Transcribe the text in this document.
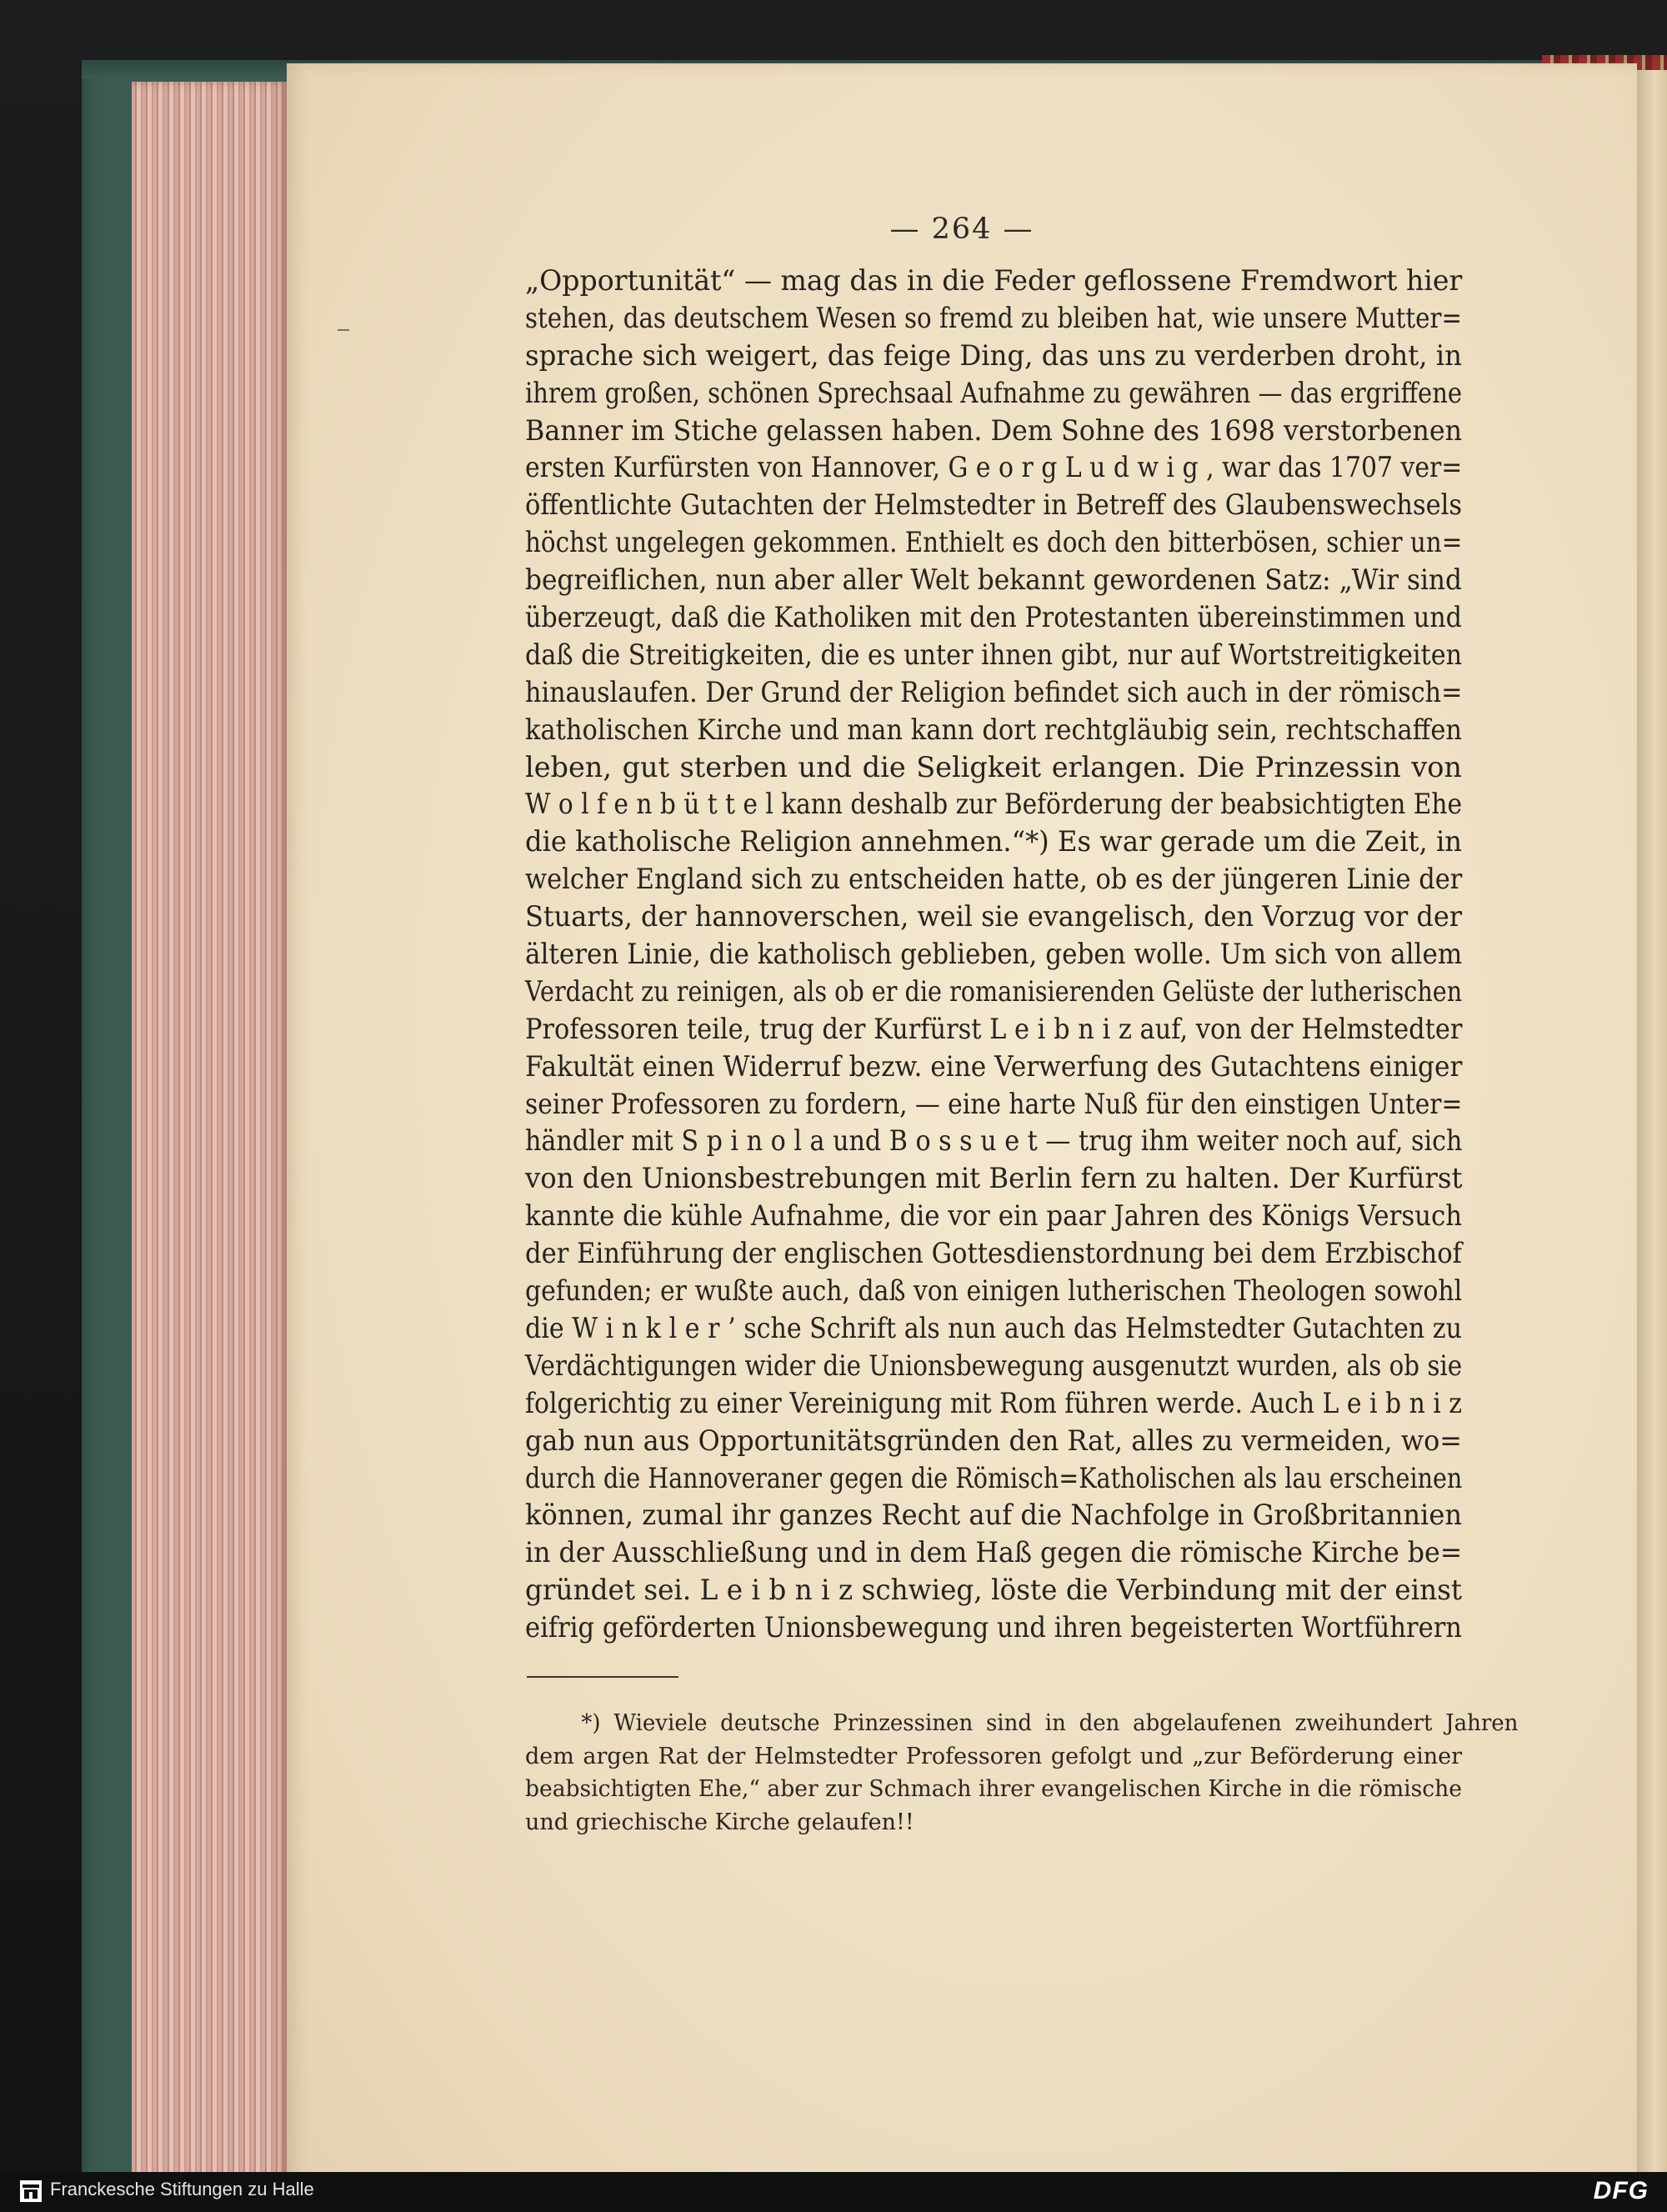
— 264 —
„Opportunität“ — mag das in die Feder geflossene Fremdwort hier
stehen, das deutschem Wesen so fremd zu bleiben hat, wie unsere Mutter=
sprache sich weigert, das feige Ding, das uns zu verderben droht, in
ihrem großen, schönen Sprechsaal Aufnahme zu gewähren — das ergriffene
Banner im Stiche gelassen haben. Dem Sohne des 1698 verstorbenen
ersten Kurfürsten von Hannover, G e o r g L u d w i g , war das 1707 ver=
öffentlichte Gutachten der Helmstedter in Betreff des Glaubenswechsels
höchst ungelegen gekommen. Enthielt es doch den bitterbösen, schier un=
begreiflichen, nun aber aller Welt bekannt gewordenen Satz: „Wir sind
überzeugt, daß die Katholiken mit den Protestanten übereinstimmen und
daß die Streitigkeiten, die es unter ihnen gibt, nur auf Wortstreitigkeiten
hinauslaufen. Der Grund der Religion befindet sich auch in der römisch=
katholischen Kirche und man kann dort rechtgläubig sein, rechtschaffen
leben, gut sterben und die Seligkeit erlangen. Die Prinzessin von
W o l f e n b ü t t e l kann deshalb zur Beförderung der beabsichtigten Ehe
die katholische Religion annehmen.“*) Es war gerade um die Zeit, in
welcher England sich zu entscheiden hatte, ob es der jüngeren Linie der
Stuarts, der hannoverschen, weil sie evangelisch, den Vorzug vor der
älteren Linie, die katholisch geblieben, geben wolle. Um sich von allem
Verdacht zu reinigen, als ob er die romanisierenden Gelüste der lutherischen
Professoren teile, trug der Kurfürst L e i b n i z auf, von der Helmstedter
Fakultät einen Widerruf bezw. eine Verwerfung des Gutachtens einiger
seiner Professoren zu fordern, — eine harte Nuß für den einstigen Unter=
händler mit S p i n o l a und B o s s u e t — trug ihm weiter noch auf, sich
von den Unionsbestrebungen mit Berlin fern zu halten. Der Kurfürst
kannte die kühle Aufnahme, die vor ein paar Jahren des Königs Versuch
der Einführung der englischen Gottesdienstordnung bei dem Erzbischof
gefunden; er wußte auch, daß von einigen lutherischen Theologen sowohl
die W i n k l e r ’ sche Schrift als nun auch das Helmstedter Gutachten zu
Verdächtigungen wider die Unionsbewegung ausgenutzt wurden, als ob sie
folgerichtig zu einer Vereinigung mit Rom führen werde. Auch L e i b n i z
gab nun aus Opportunitätsgründen den Rat, alles zu vermeiden, wo=
durch die Hannoveraner gegen die Römisch=Katholischen als lau erscheinen
können, zumal ihr ganzes Recht auf die Nachfolge in Großbritannien
in der Ausschließung und in dem Haß gegen die römische Kirche be=
gründet sei. L e i b n i z schwieg, löste die Verbindung mit der einst
eifrig geförderten Unionsbewegung und ihren begeisterten Wortführern
*) Wieviele deutsche Prinzessinen sind in den abgelaufenen zweihundert Jahren
dem argen Rat der Helmstedter Professoren gefolgt und „zur Beförderung einer
beabsichtigten Ehe,“ aber zur Schmach ihrer evangelischen Kirche in die römische
und griechische Kirche gelaufen!!
Franckesche Stiftungen zu Halle	DFG
